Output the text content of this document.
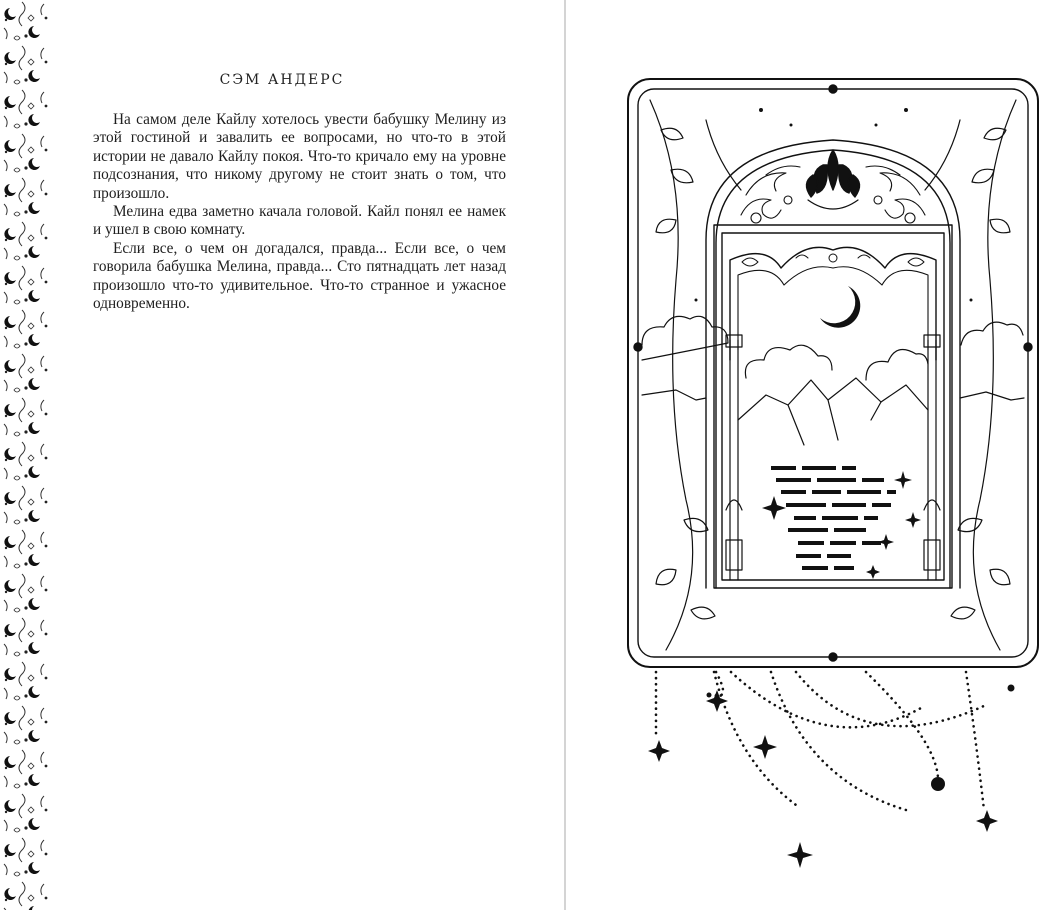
СЭМ АНДЕРС

На самом деле Кайлу хотелось увести бабушку Мелину из этой гостиной и завалить ее вопросами, но что-то в этой истории не давало Кайлу покоя. Что-то кричало ему на уровне подсознания, что никому другому не стоит знать о том, что произошло.

Мелина едва заметно качала головой. Кайл понял ее намек и ушел в свою комнату.

Если все, о чем он догадался, правда... Если все, о чем говорила бабушка Мелина, правда... Сто пятнадцать лет назад произошло что-то удивительное. Что-то странное и ужасное одновременно.
